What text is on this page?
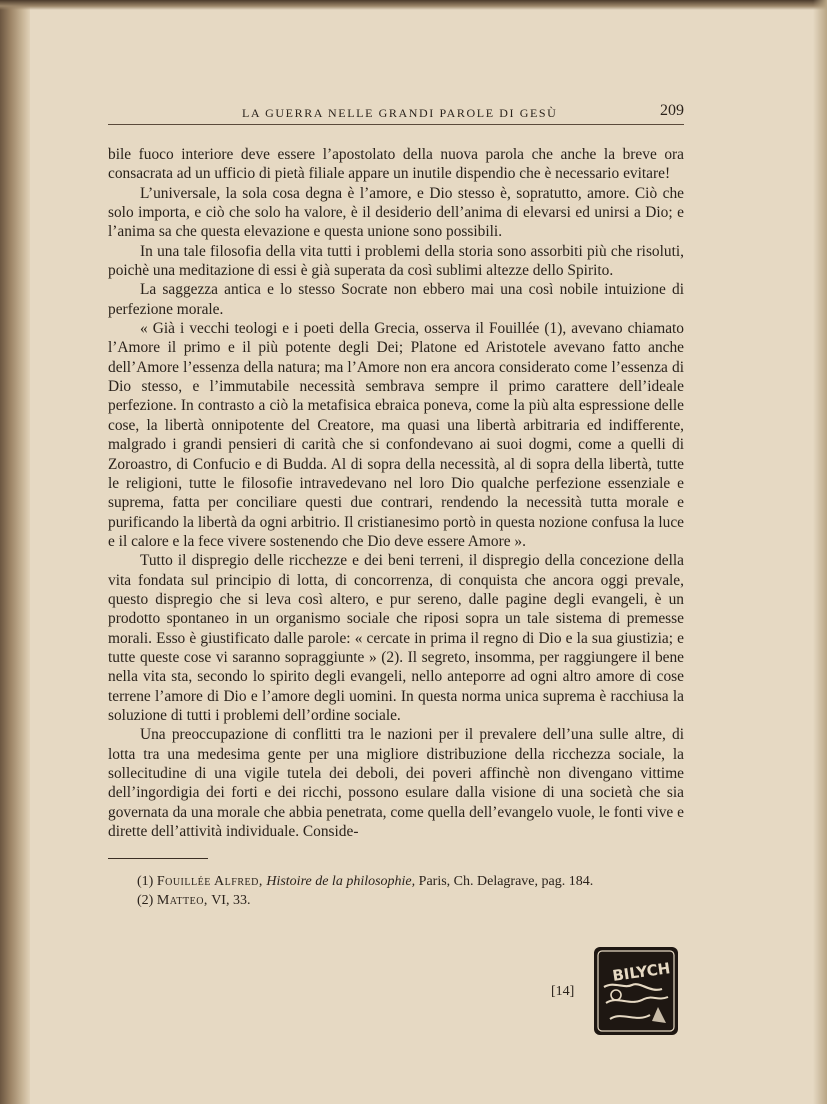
LA GUERRA NELLE GRANDI PAROLE DI GESÙ	209

bile fuoco interiore deve essere l’apostolato della nuova parola che anche la breve ora consacrata ad un ufficio di pietà filiale appare un inutile dispendio che è necessario evitare!

L’universale, la sola cosa degna è l’amore, e Dio stesso è, sopratutto, amore. Ciò che solo importa, e ciò che solo ha valore, è il desiderio dell’anima di elevarsi ed unirsi a Dio; e l’anima sa che questa elevazione e questa unione sono possibili.

In una tale filosofia della vita tutti i problemi della storia sono assorbiti più che risoluti, poichè una meditazione di essi è già superata da così sublimi altezze dello Spirito.

La saggezza antica e lo stesso Socrate non ebbero mai una così nobile intuizione di perfezione morale.

« Già i vecchi teologi e i poeti della Grecia, osserva il Fouillée (1), avevano chiamato l’Amore il primo e il più potente degli Dei; Platone ed Aristotele avevano fatto anche dell’Amore l’essenza della natura; ma l’Amore non era ancora considerato come l’essenza di Dio stesso, e l’immutabile necessità sembrava sempre il primo carattere dell’ideale perfezione. In contrasto a ciò la metafisica ebraica poneva, come la più alta espressione delle cose, la libertà onnipotente del Creatore, ma quasi una libertà arbitraria ed indifferente, malgrado i grandi pensieri di carità che si confondevano ai suoi dogmi, come a quelli di Zoroastro, di Confucio e di Budda. Al di sopra della necessità, al di sopra della libertà, tutte le religioni, tutte le filosofie intravedevano nel loro Dio qualche perfezione essenziale e suprema, fatta per conciliare questi due contrari, rendendo la necessità tutta morale e purificando la libertà da ogni arbitrio. Il cristianesimo portò in questa nozione confusa la luce e il calore e la fece vivere sostenendo che Dio deve essere Amore ».

Tutto il dispregio delle ricchezze e dei beni terreni, il dispregio della concezione della vita fondata sul principio di lotta, di concorrenza, di conquista che ancora oggi prevale, questo dispregio che si leva così altero, e pur sereno, dalle pagine degli evangeli, è un prodotto spontaneo in un organismo sociale che riposi sopra un tale sistema di premesse morali. Esso è giustificato dalle parole: « cercate in prima il regno di Dio e la sua giustizia; e tutte queste cose vi saranno sopraggiunte » (2). Il segreto, insomma, per raggiungere il bene nella vita sta, secondo lo spirito degli evangeli, nello anteporre ad ogni altro amore di cose terrene l’amore di Dio e l’amore degli uomini. In questa norma unica suprema è racchiusa la soluzione di tutti i problemi dell’ordine sociale.

Una preoccupazione di conflitti tra le nazioni per il prevalere dell’una sulle altre, di lotta tra una medesima gente per una migliore distribuzione della ricchezza sociale, la sollecitudine di una vigile tutela dei deboli, dei poveri affinchè non divengano vittime dell’ingordigia dei forti e dei ricchi, possono esulare dalla visione di una società che sia governata da una morale che abbia penetrata, come quella dell’evangelo vuole, le fonti vive e dirette dell’attività individuale. Conside-

(1) Fouillée Alfred, Histoire de la philosophie, Paris, Ch. Delagrave, pag. 184.
(2) Matteo, VI, 33.
[14]
BILYCH
